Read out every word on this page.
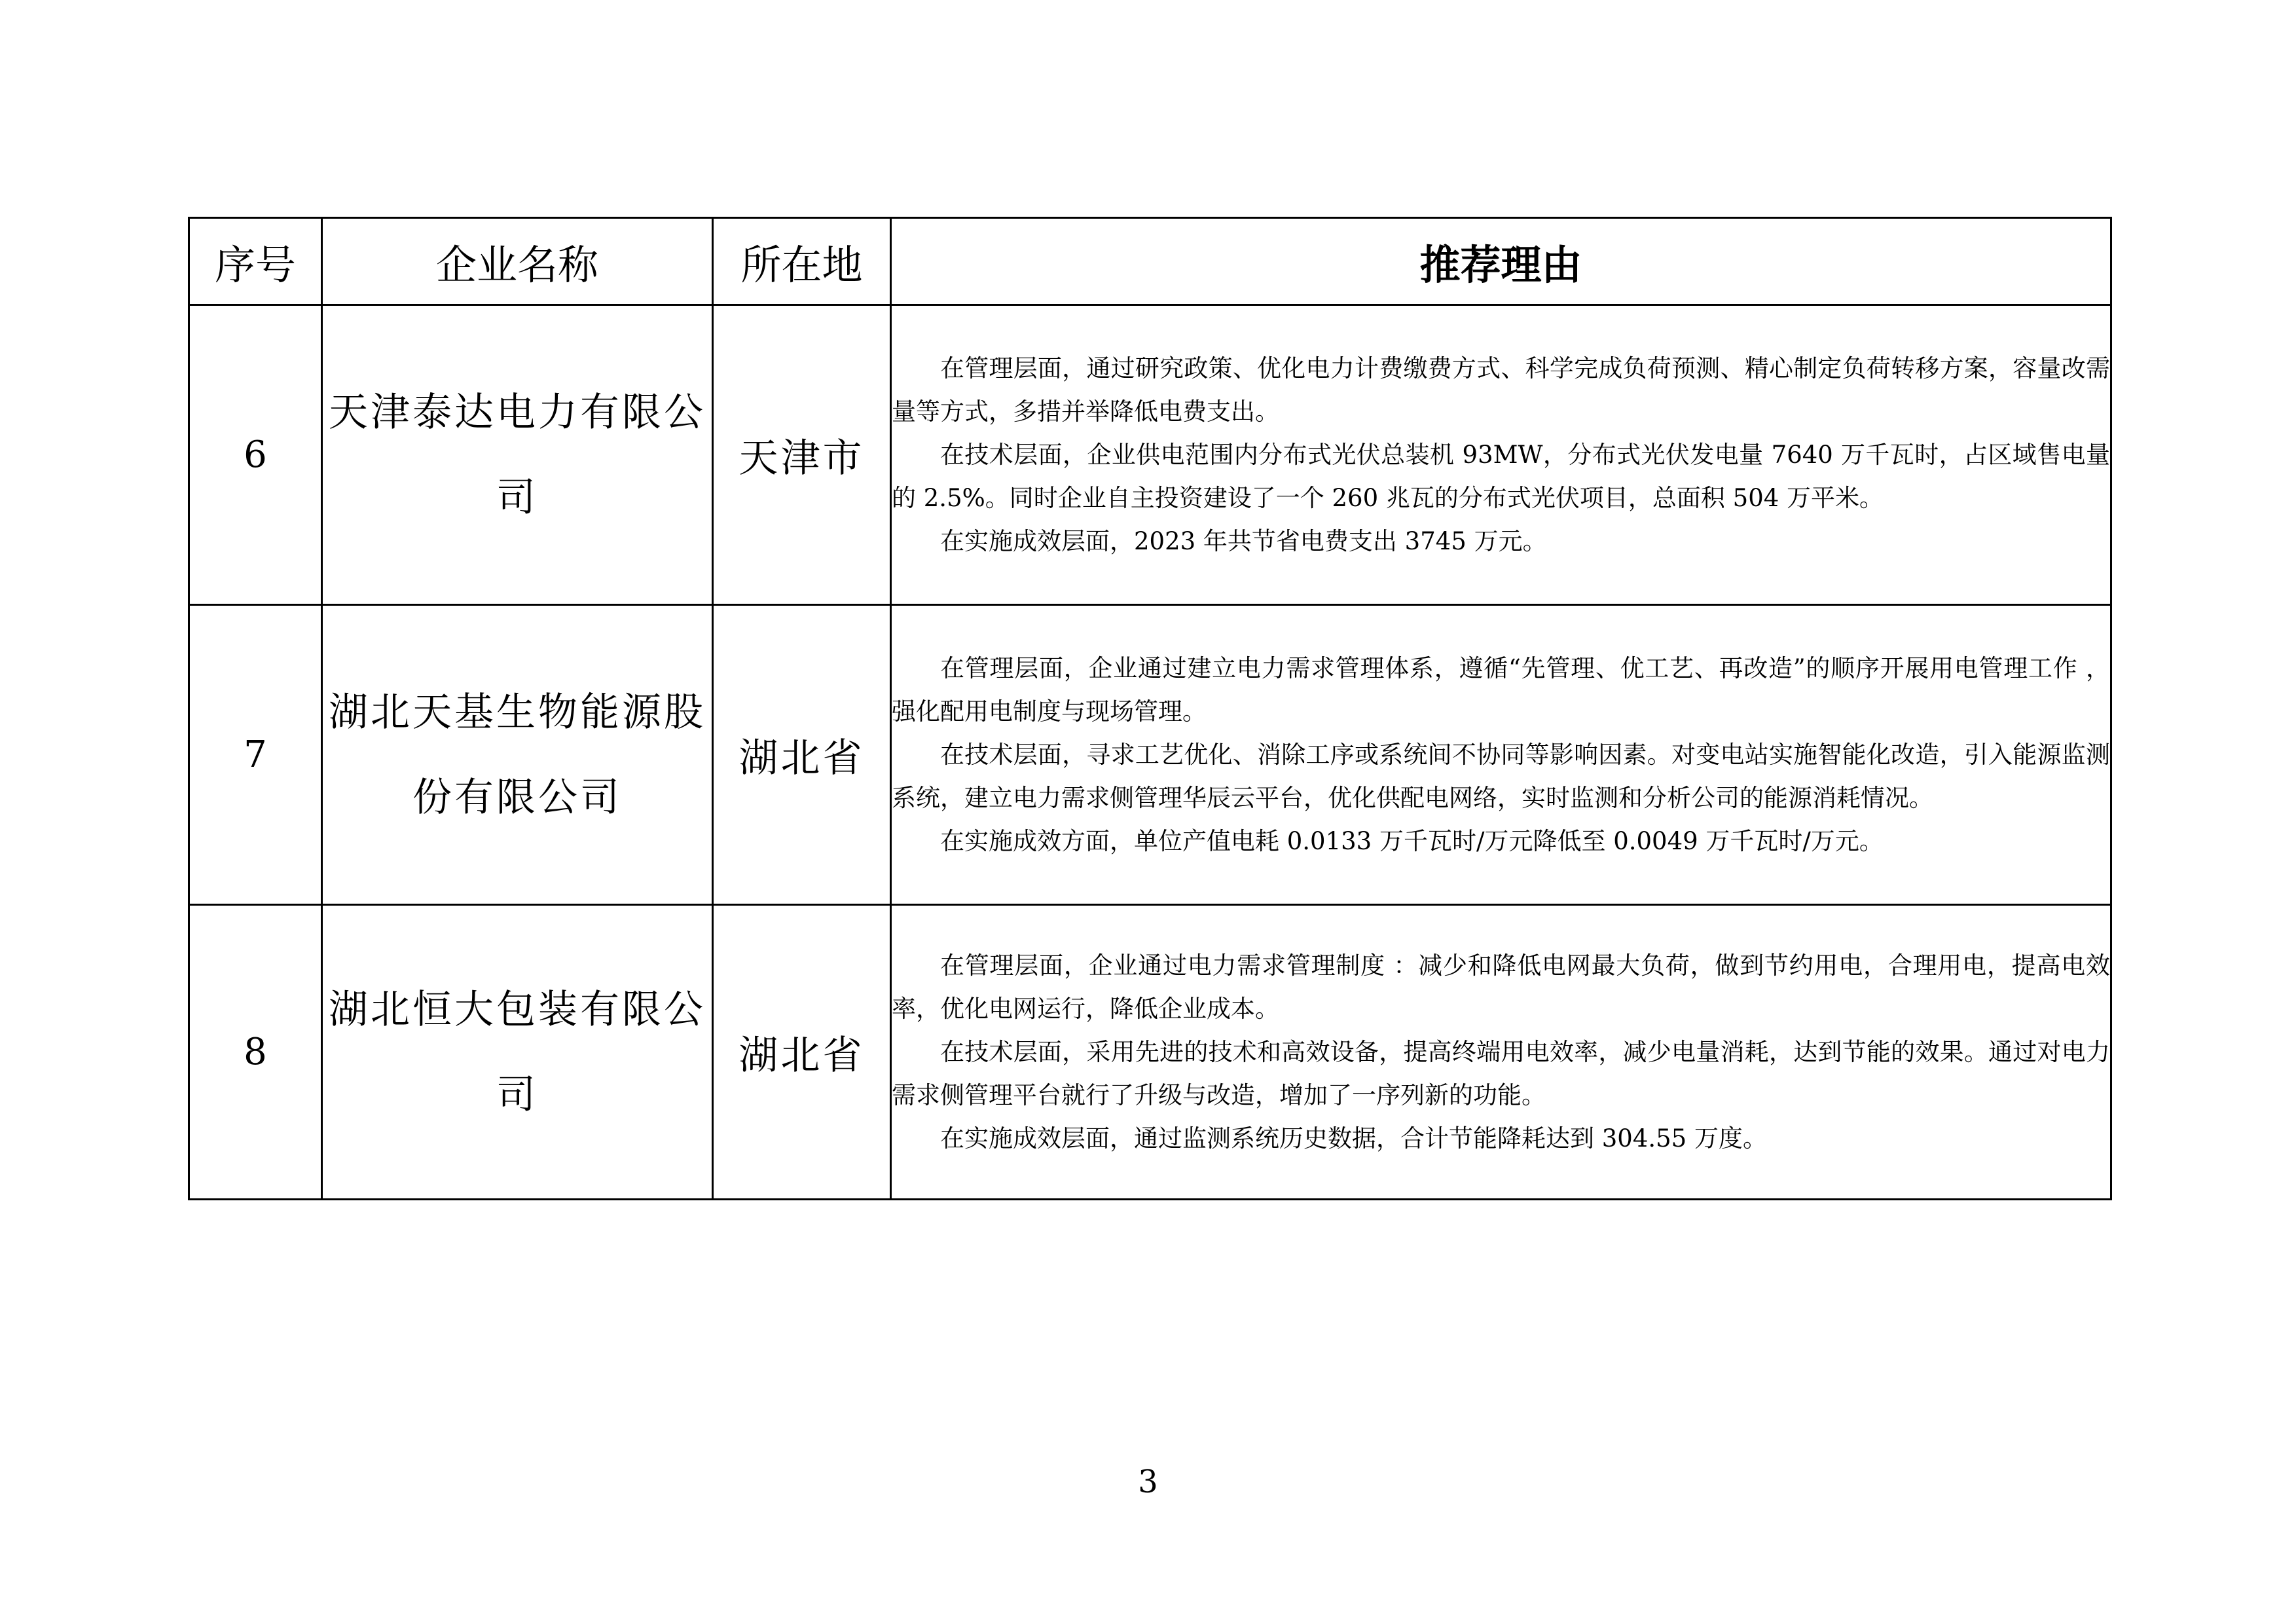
序号	企业名称	所在地	推荐理由
6	天津泰达电力有限公司	天津市	在管理层面，通过研究政策、优化电力计费缴费方式、科学完成负荷预测、精心制定负荷转移方案，容量改需量等方式，多措并举降低电费支出。

在技术层面，企业供电范围内分布式光伏总装机 93MW，分布式光伏发电量 7640 万千瓦时，占区域售电量的 2.5%。同时企业自主投资建设了一个 260 兆瓦的分布式光伏项目，总面积 504 万平米。

在实施成效层面，2023 年共节省电费支出 3745 万元。

7	湖北天基生物能源股份有限公司	湖北省	在管理层面，企业通过建立电力需求管理体系，遵循“先管理、优工艺、再改造”的顺序开展用电管理工作 ，强化配用电制度与现场管理。

在技术层面，寻求工艺优化、消除工序或系统间不协同等影响因素。对变电站实施智能化改造，引入能源监测系统，建立电力需求侧管理华辰云平台，优化供配电网络，实时监测和分析公司的能源消耗情况。

在实施成效方面，单位产值电耗 0.0133 万千瓦时/万元降低至 0.0049 万千瓦时/万元。

8	湖北恒大包装有限公司	湖北省	在管理层面，企业通过电力需求管理制度 ：减少和降低电网最大负荷，做到节约用电，合理用电，提高电效率，优化电网运行，降低企业成本。

在技术层面，采用先进的技术和高效设备，提高终端用电效率，减少电量消耗，达到节能的效果。通过对电力需求侧管理平台就行了升级与改造，增加了一序列新的功能。

在实施成效层面，通过监测系统历史数据，合计节能降耗达到 304.55 万度。

3
